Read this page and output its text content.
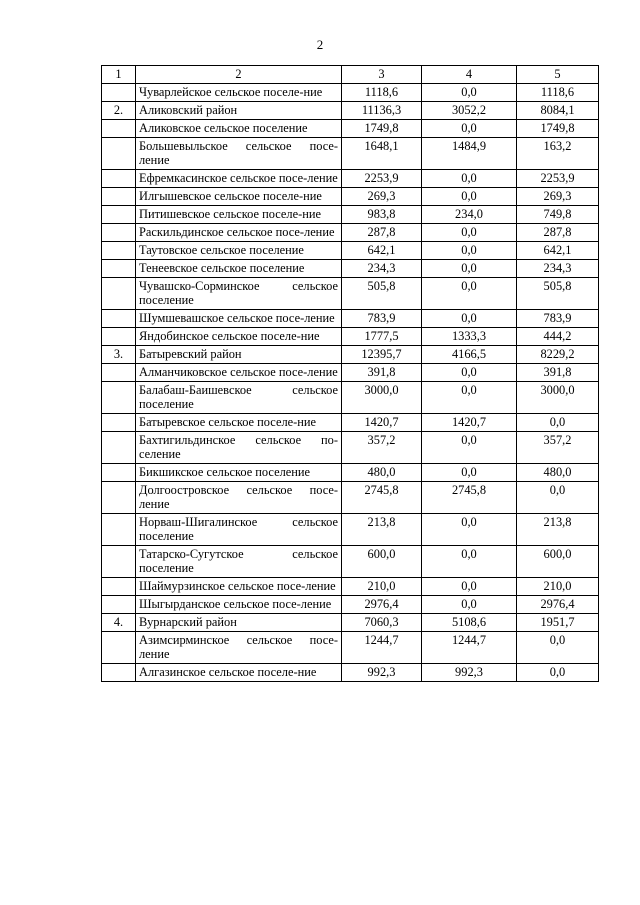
2
1	2	3	4	5
	Чуварлейское сельское поселе-ние	1118,6	0,0	1118,6
2.	Аликовский район	11136,3	3052,2	8084,1
	Аликовское сельское поселение	1749,8	0,0	1749,8
	Большевыльское сельское посе-ление	1648,1	1484,9	163,2
	Ефремкасинское сельское посе-ление	2253,9	0,0	2253,9
	Илгышевское сельское поселе-ние	269,3	0,0	269,3
	Питишевское сельское поселе-ние	983,8	234,0	749,8
	Раскильдинское сельское посе-ление	287,8	0,0	287,8
	Таутовское сельское поселение	642,1	0,0	642,1
	Тенеевское сельское поселение	234,3	0,0	234,3
	Чувашско-Сорминское сельское поселение	505,8	0,0	505,8
	Шумшевашское сельское посе-ление	783,9	0,0	783,9
	Яндобинское сельское поселе-ние	1777,5	1333,3	444,2
3.	Батыревский район	12395,7	4166,5	8229,2
	Алманчиковское сельское посе-ление	391,8	0,0	391,8
	Балабаш-Баишевское сельское поселение	3000,0	0,0	3000,0
	Батыревское сельское поселе-ние	1420,7	1420,7	0,0
	Бахтигильдинское сельское по-селение	357,2	0,0	357,2
	Бикшикское сельское поселение	480,0	0,0	480,0
	Долгоостровское сельское посе-ление	2745,8	2745,8	0,0
	Норваш-Шигалинское сельское поселение	213,8	0,0	213,8
	Татарско-Сугутское сельское поселение	600,0	0,0	600,0
	Шаймурзинское сельское посе-ление	210,0	0,0	210,0
	Шыгырданское сельское посе-ление	2976,4	0,0	2976,4
4.	Вурнарский район	7060,3	5108,6	1951,7
	Азимсирминское сельское посе-ление	1244,7	1244,7	0,0
	Алгазинское сельское поселе-ние	992,3	992,3	0,0
